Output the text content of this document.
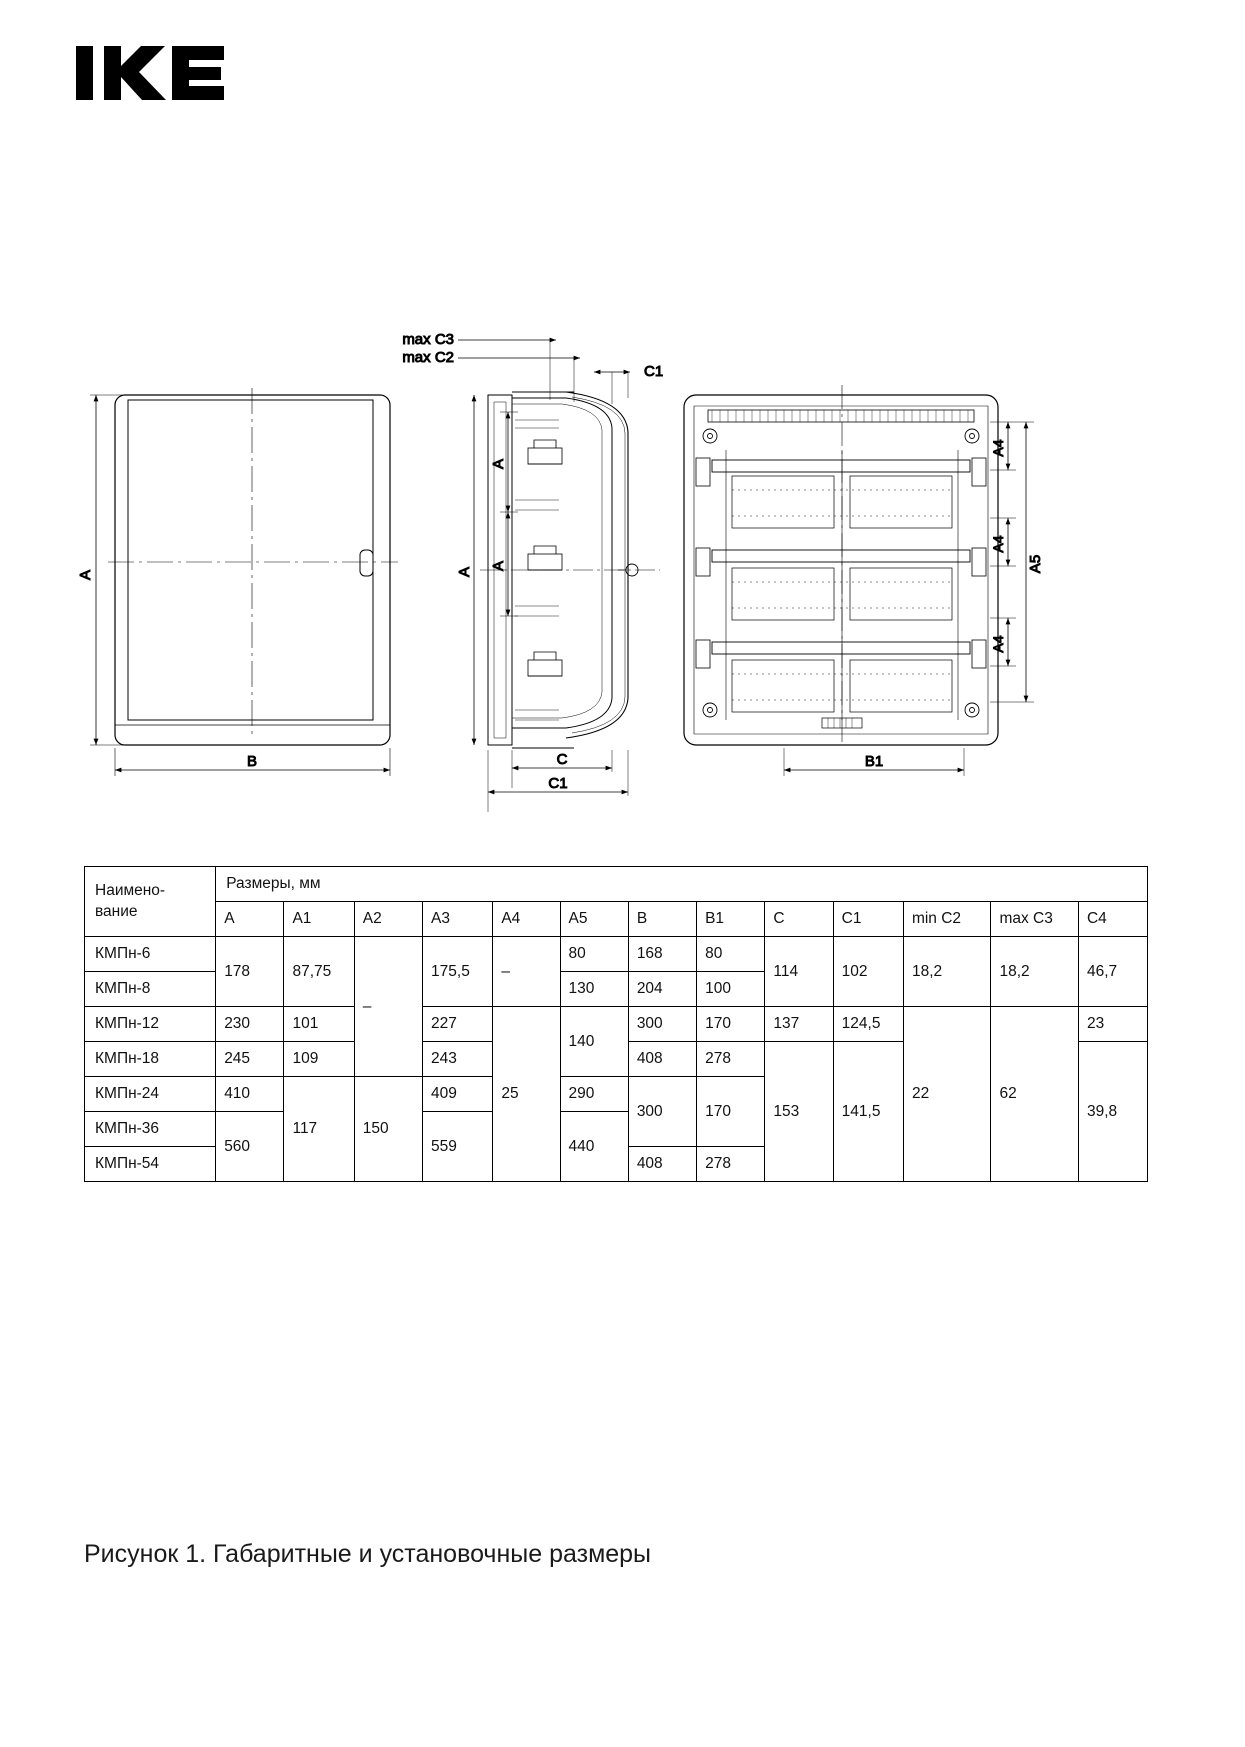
A
B
max C3
max C2
C1
A
A
A
C
C1
A4
A4
A4
A5
B1
Наимено-
вание	Размеры, мм												
	A	A1	A2	A3	A4	A5	B	B1	C	C1	min C2	max C3	C4
КМПн-6	178	87,75	–	175,5	–	80	168	80	114	102	18,2	18,2	46,7
КМПн-8						130	204	100					
КМПн-12	230	101		227	25	140	300	170	137	124,5	22	62	23
КМПн-18	245	109		243			408	278	153	141,5			39,8
КМПн-24	410	117	150	409		290	300	170					
КМПн-36	560			559		440							
КМПн-54							408	278					
Рисунок 1. Габаритные и установочные размеры
